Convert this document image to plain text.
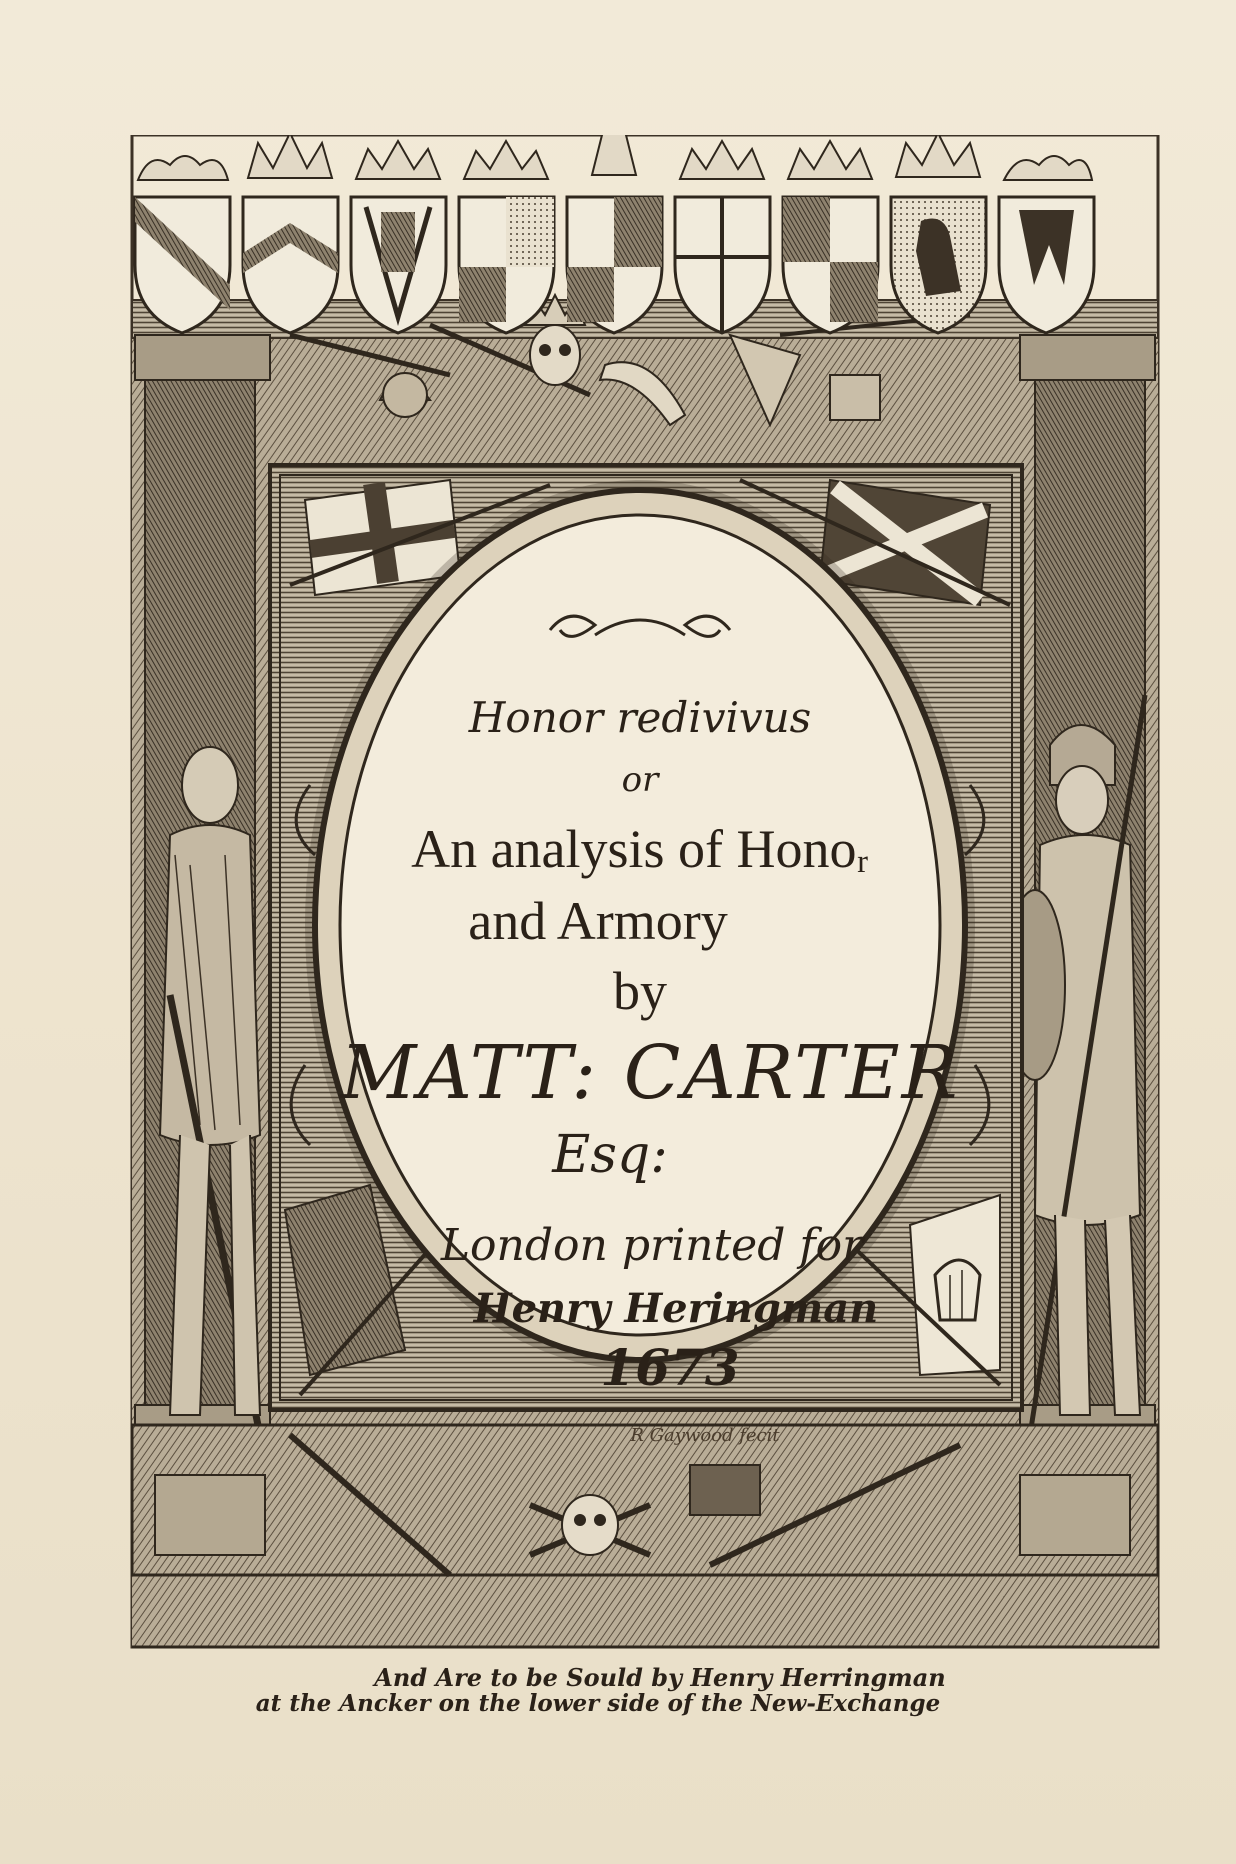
Honor redivivus
or
An analysis of Honoᵣ
and Armory
by
MATT: CARTER
Esq:
London printed for
Henry Heringman
1673
R Gaywood fecit
And Are to be Sould by Henry Herringman
at the Ancker on the lower side of the New-Exchange
